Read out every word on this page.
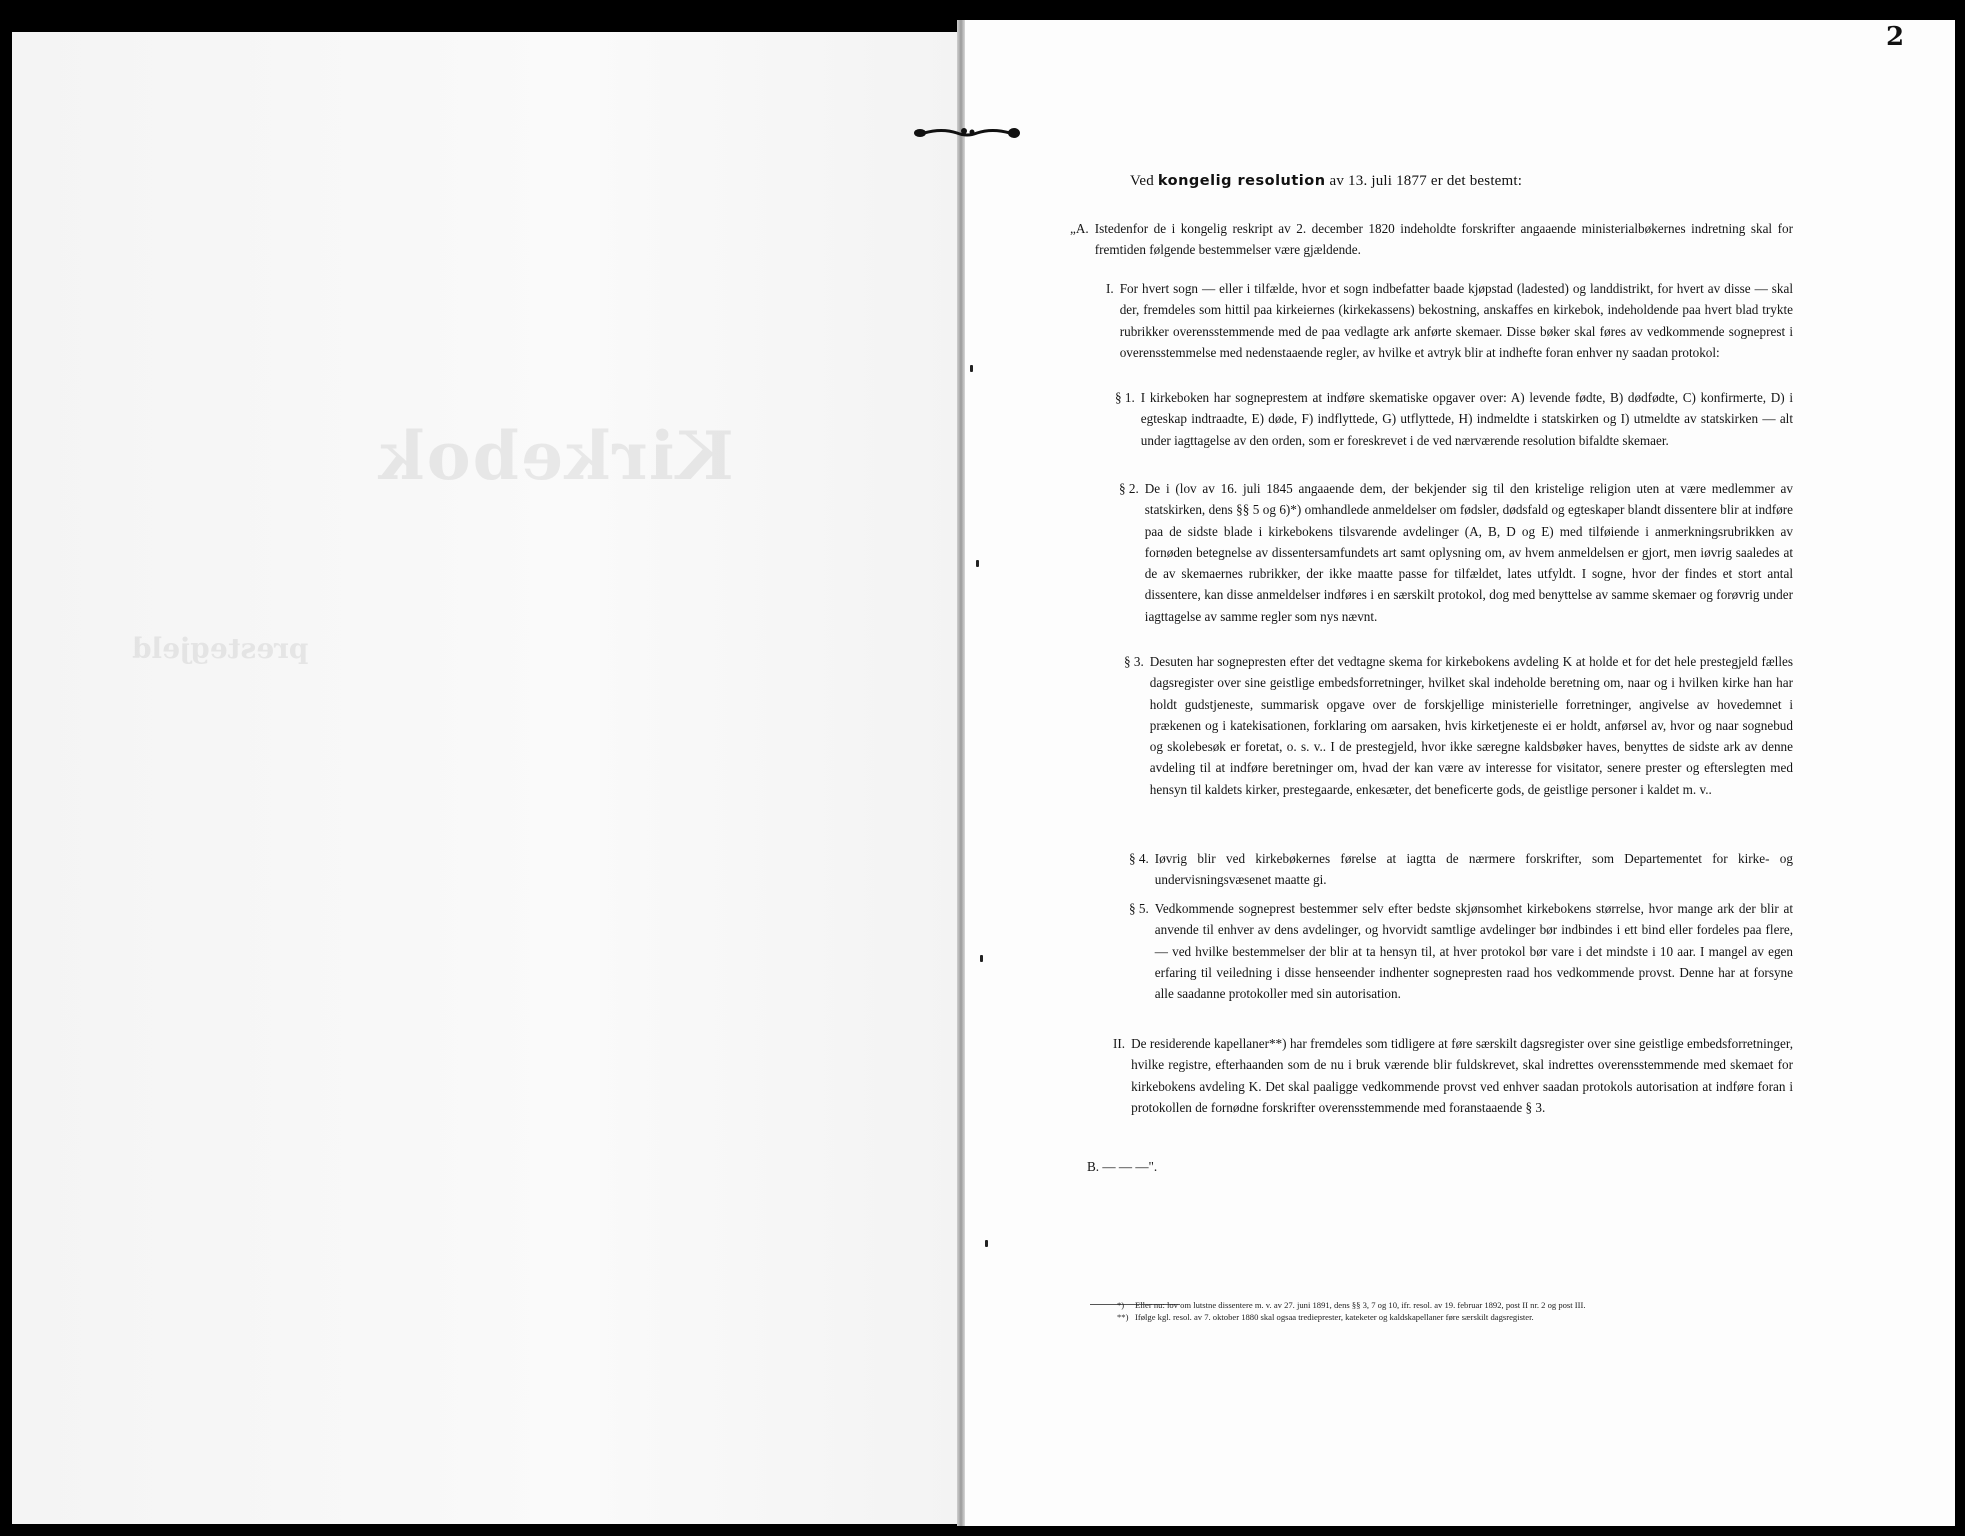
Kirkebok
prestegjeld
2
Ved kongelig resolution av 13. juli 1877 er det bestemt:
„A. Istedenfor de i kongelig reskript av 2. december 1820 indeholdte forskrifter angaaende ministerialbøkernes indretning skal for fremtiden følgende bestemmelser være gjældende.
I. For hvert sogn — eller i tilfælde, hvor et sogn indbefatter baade kjøpstad (ladested) og landdistrikt, for hvert av disse — skal der, fremdeles som hittil paa kirkeiernes (kirkekassens) bekostning, anskaffes en kirkebok, indeholdende paa hvert blad trykte rubrikker overensstemmende med de paa vedlagte ark anførte skemaer. Disse bøker skal føres av vedkommende sogneprest i overensstemmelse med nedenstaaende regler, av hvilke et avtryk blir at indhefte foran enhver ny saadan protokol:
§ 1. I kirkeboken har sogneprestem at indføre skematiske opgaver over: A) levende fødte, B) dødfødte, C) konfirmerte, D) i egteskap indtraadte, E) døde, F) indflyttede, G) utflyttede, H) indmeldte i statskirken og I) utmeldte av statskirken — alt under iagttagelse av den orden, som er foreskrevet i de ved nærværende resolution bifaldte skemaer.
§ 2. De i (lov av 16. juli 1845 angaaende dem, der bekjender sig til den kristelige religion uten at være medlemmer av statskirken, dens §§ 5 og 6)*) omhandlede anmeldelser om fødsler, dødsfald og egteskaper blandt dissentere blir at indføre paa de sidste blade i kirkebokens tilsvarende avdelinger (A, B, D og E) med tilføiende i anmerkningsrubrikken av fornøden betegnelse av dissentersamfundets art samt oplysning om, av hvem anmeldelsen er gjort, men iøvrig saaledes at de av skemaernes rubrikker, der ikke maatte passe for tilfældet, lates utfyldt. I sogne, hvor der findes et stort antal dissentere, kan disse anmeldelser indføres i en særskilt protokol, dog med benyttelse av samme skemaer og forøvrig under iagttagelse av samme regler som nys nævnt.
§ 3. Desuten har sognepresten efter det vedtagne skema for kirkebokens avdeling K at holde et for det hele prestegjeld fælles dagsregister over sine geistlige embedsforretninger, hvilket skal indeholde beretning om, naar og i hvilken kirke han har holdt gudstjeneste, summarisk opgave over de forskjellige ministerielle forretninger, angivelse av hovedemnet i prækenen og i katekisationen, forklaring om aarsaken, hvis kirketjeneste ei er holdt, anførsel av, hvor og naar sognebud og skolebesøk er foretat, o. s. v.. I de prestegjeld, hvor ikke særegne kaldsbøker haves, benyttes de sidste ark av denne avdeling til at indføre beretninger om, hvad der kan være av interesse for visitator, senere prester og efterslegten med hensyn til kaldets kirker, prestegaarde, enkesæter, det beneficerte gods, de geistlige personer i kaldet m. v..
§ 4. Iøvrig blir ved kirkebøkernes førelse at iagtta de nærmere forskrifter, som Departementet for kirke- og undervisningsvæsenet maatte gi.
§ 5. Vedkommende sogneprest bestemmer selv efter bedste skjønsomhet kirkebokens størrelse, hvor mange ark der blir at anvende til enhver av dens avdelinger, og hvorvidt samtlige avdelinger bør indbindes i ett bind eller fordeles paa flere, — ved hvilke bestemmelser der blir at ta hensyn til, at hver protokol bør vare i det mindste i 10 aar. I mangel av egen erfaring til veiledning i disse henseender indhenter sognepresten raad hos vedkommende provst. Denne har at forsyne alle saadanne protokoller med sin autorisation.
II. De residerende kapellaner**) har fremdeles som tidligere at føre særskilt dagsregister over sine geistlige embedsforretninger, hvilke registre, efterhaanden som de nu i bruk værende blir fuldskrevet, skal indrettes overensstemmende med skemaet for kirkebokens avdeling K. Det skal paaligge vedkommende provst ved enhver saadan protokols autorisation at indføre foran i protokollen de fornødne forskrifter overensstemmende med foranstaaende § 3.
B. — — —".
*)	Eller nu: lov om lutstne dissentere m. v. av 27. juni 1891, dens §§ 3, 7 og 10, ifr. resol. av 19. februar 1892, post II nr. 2 og post III.
**) Ifølge kgl. resol. av 7. oktober 1880 skal ogsaa tredieprester, kateketer og kaldskapellaner føre særskilt dagsregister.
